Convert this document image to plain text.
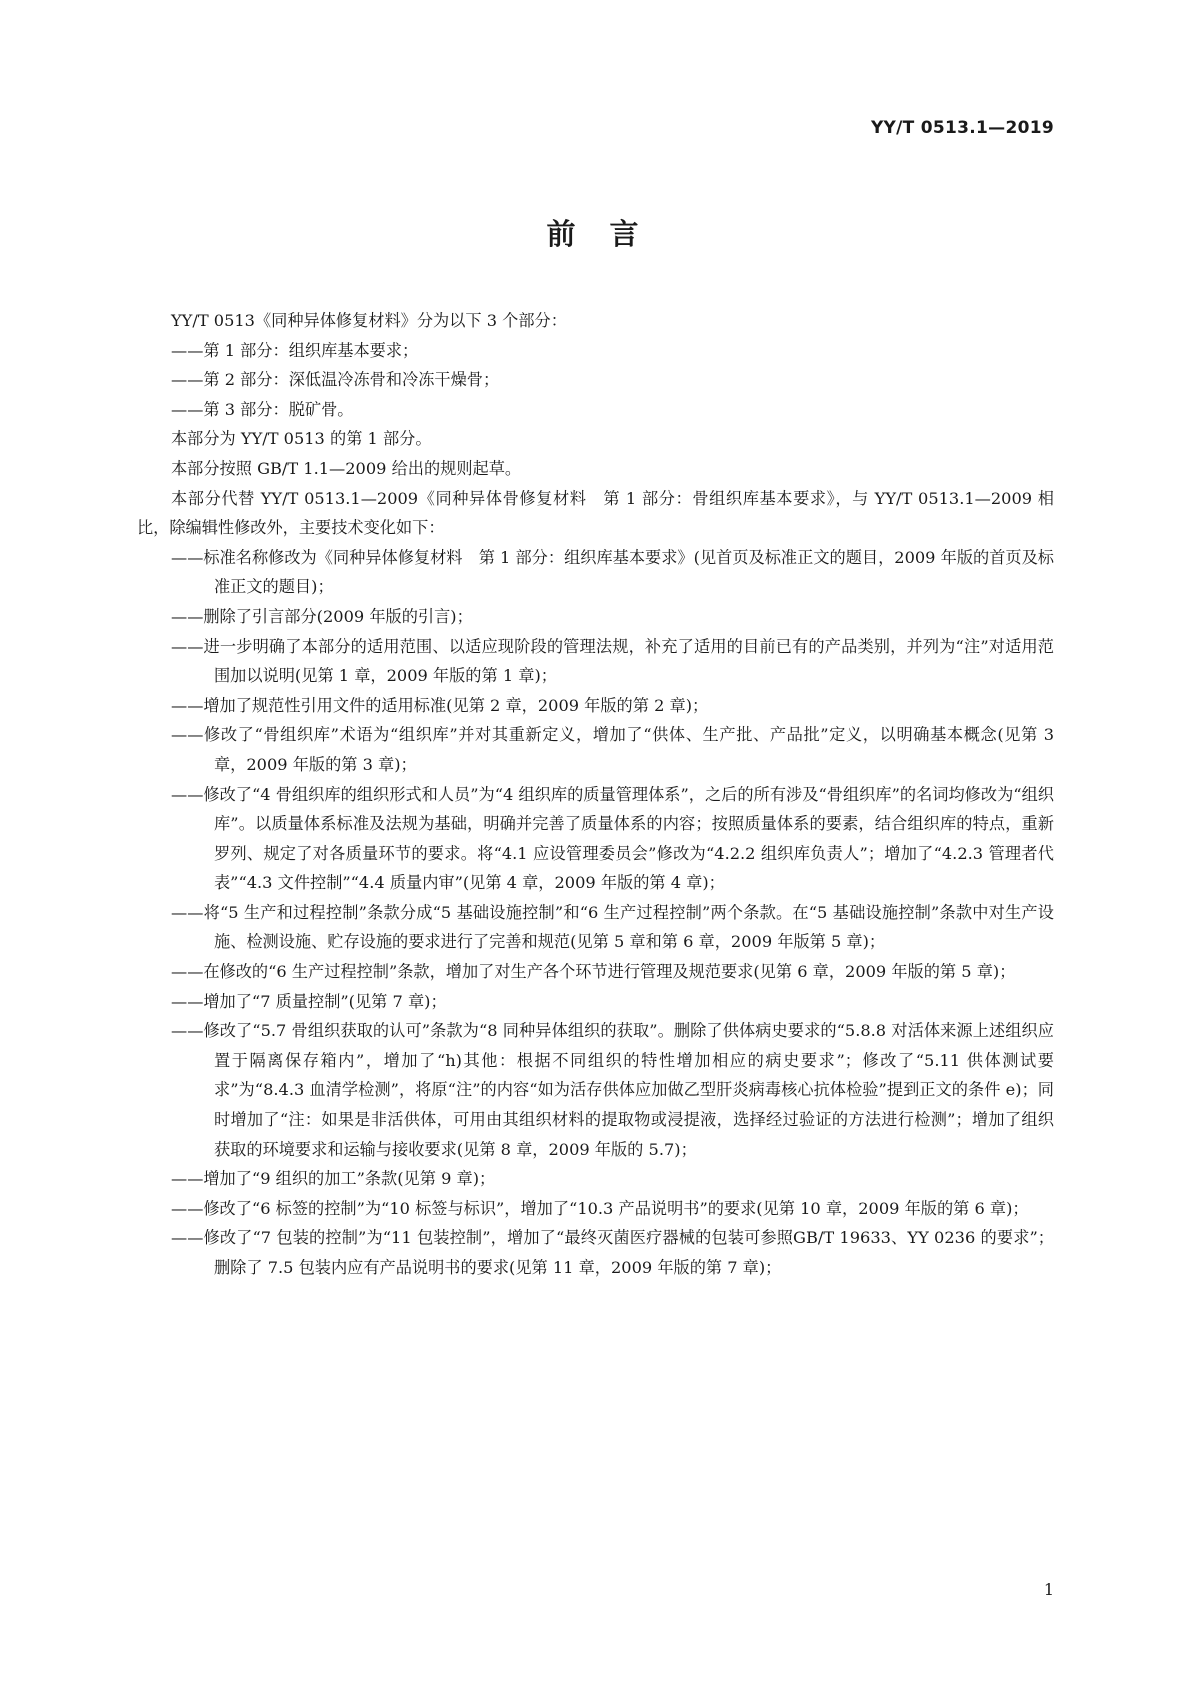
YY/T 0513.1—2019
前言

YY/T 0513《同种异体修复材料》分为以下 3 个部分：

——第 1 部分：组织库基本要求；

——第 2 部分：深低温冷冻骨和冷冻干燥骨；

——第 3 部分：脱矿骨。

本部分为 YY/T 0513 的第 1 部分。

本部分按照 GB/T 1.1—2009 给出的规则起草。

本部分代替 YY/T 0513.1—2009《同种异体骨修复材料　第 1 部分：骨组织库基本要求》，与 YY/T 0513.1—2009 相比，除编辑性修改外，主要技术变化如下：

——标准名称修改为《同种异体修复材料　第 1 部分：组织库基本要求》(见首页及标准正文的题目，2009 年版的首页及标准正文的题目)；

——删除了引言部分(2009 年版的引言)；

——进一步明确了本部分的适用范围、以适应现阶段的管理法规，补充了适用的目前已有的产品类别，并列为“注”对适用范围加以说明(见第 1 章，2009 年版的第 1 章)；

——增加了规范性引用文件的适用标准(见第 2 章，2009 年版的第 2 章)；

——修改了“骨组织库”术语为“组织库”并对其重新定义，增加了“供体、生产批、产品批”定义，以明确基本概念(见第 3 章，2009 年版的第 3 章)；

——修改了“4 骨组织库的组织形式和人员”为“4 组织库的质量管理体系”，之后的所有涉及“骨组织库”的名词均修改为“组织库”。以质量体系标准及法规为基础，明确并完善了质量体系的内容；按照质量体系的要素，结合组织库的特点，重新罗列、规定了对各质量环节的要求。将“4.1 应设管理委员会”修改为“4.2.2 组织库负责人”；增加了“4.2.3 管理者代表”“4.3 文件控制”“4.4 质量内审”(见第 4 章，2009 年版的第 4 章)；

——将“5 生产和过程控制”条款分成“5 基础设施控制”和“6 生产过程控制”两个条款。在“5 基础设施控制”条款中对生产设施、检测设施、贮存设施的要求进行了完善和规范(见第 5 章和第 6 章，2009 年版第 5 章)；

——在修改的“6 生产过程控制”条款，增加了对生产各个环节进行管理及规范要求(见第 6 章，2009 年版的第 5 章)；

——增加了“7 质量控制”(见第 7 章)；

——修改了“5.7 骨组织获取的认可”条款为“8 同种异体组织的获取”。删除了供体病史要求的“5.8.8 对活体来源上述组织应置于隔离保存箱内”，增加了“h)其他：根据不同组织的特性增加相应的病史要求”；修改了“5.11 供体测试要求”为“8.4.3 血清学检测”，将原“注”的内容“如为活存供体应加做乙型肝炎病毒核心抗体检验”提到正文的条件 e)；同时增加了“注：如果是非活供体，可用由其组织材料的提取物或浸提液，选择经过验证的方法进行检测”；增加了组织获取的环境要求和运输与接收要求(见第 8 章，2009 年版的 5.7)；

——增加了“9 组织的加工”条款(见第 9 章)；

——修改了“6 标签的控制”为“10 标签与标识”，增加了“10.3 产品说明书”的要求(见第 10 章，2009 年版的第 6 章)；

——修改了“7 包装的控制”为“11 包装控制”，增加了“最终灭菌医疗器械的包装可参照GB/T 19633、YY 0236 的要求”；删除了 7.5 包装内应有产品说明书的要求(见第 11 章，2009 年版的第 7 章)；

1
